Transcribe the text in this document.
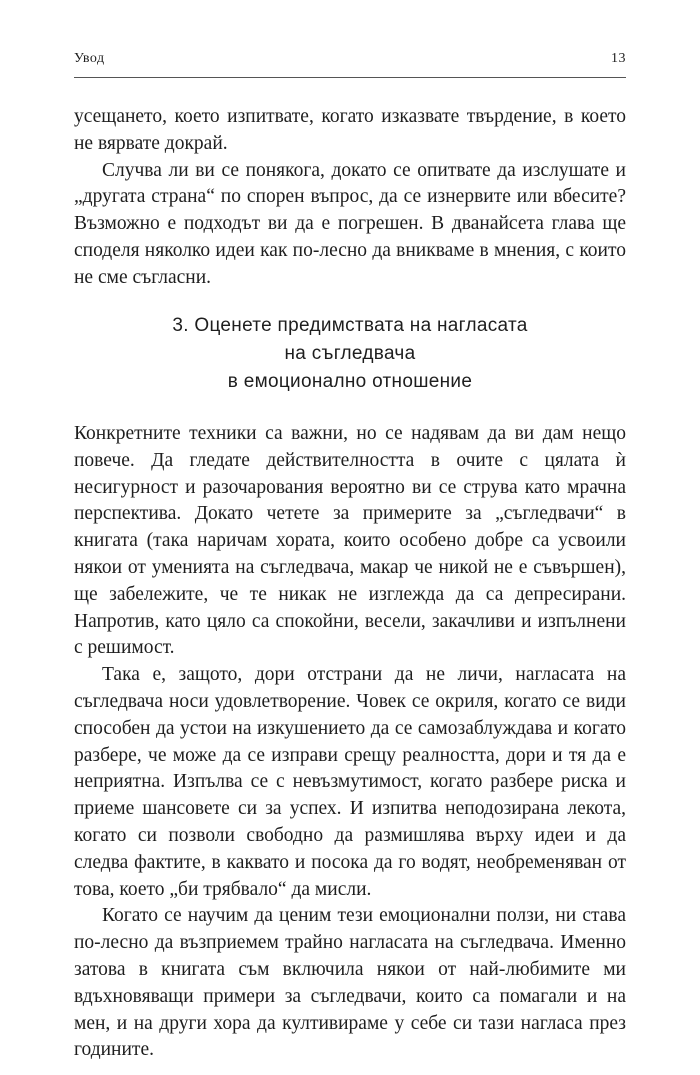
Увод	13

усещането, което изпитвате, когато изказвате твърдение, в което не вярвате докрай.

Случва ли ви се понякога, докато се опитвате да изслушате и „другата страна“ по спорен въпрос, да се изнервите или вбесите? Възможно е подходът ви да е погрешен. В дванайсета глава ще споделя няколко идеи как по-лесно да вникваме в мнения, с които не сме съгласни.

3. Оценете предимствата на нагласата
на съгледвача
в емоционално отношение

Конкретните техники са важни, но се надявам да ви дам нещо повече. Да гледате действителността в очите с цялата ѝ несигурност и разочарования вероятно ви се струва като мрачна перспектива. Докато четете за примерите за „съгледвачи“ в книгата (така наричам хората, които особено добре са усвоили някои от уменията на съгледвача, макар че никой не е съвършен), ще забележите, че те никак не изглежда да са депресирани. Напротив, като цяло са спокойни, весели, закачливи и изпълнени с решимост.

Така е, защото, дори отстрани да не личи, нагласата на съгледвача носи удовлетворение. Човек се окриля, когато се види способен да устои на изкушението да се самозаблуждава и когато разбере, че може да се изправи срещу реалността, дори и тя да е неприятна. Изпълва се с невъзмутимост, когато разбере риска и приеме шансовете си за успех. И изпитва неподозирана лекота, когато си позволи свободно да размишлява върху идеи и да следва фактите, в каквато и посока да го водят, необременяван от това, което „би трябвало“ да мисли.

Когато се научим да ценим тези емоционални ползи, ни става по-лесно да възприемем трайно нагласата на съгледвача. Именно затова в книгата съм включила някои от най-любимите ми вдъхновяващи примери за съгледвачи, които са помагали и на мен, и на други хора да култивираме у себе си тази нагласа през годините.
